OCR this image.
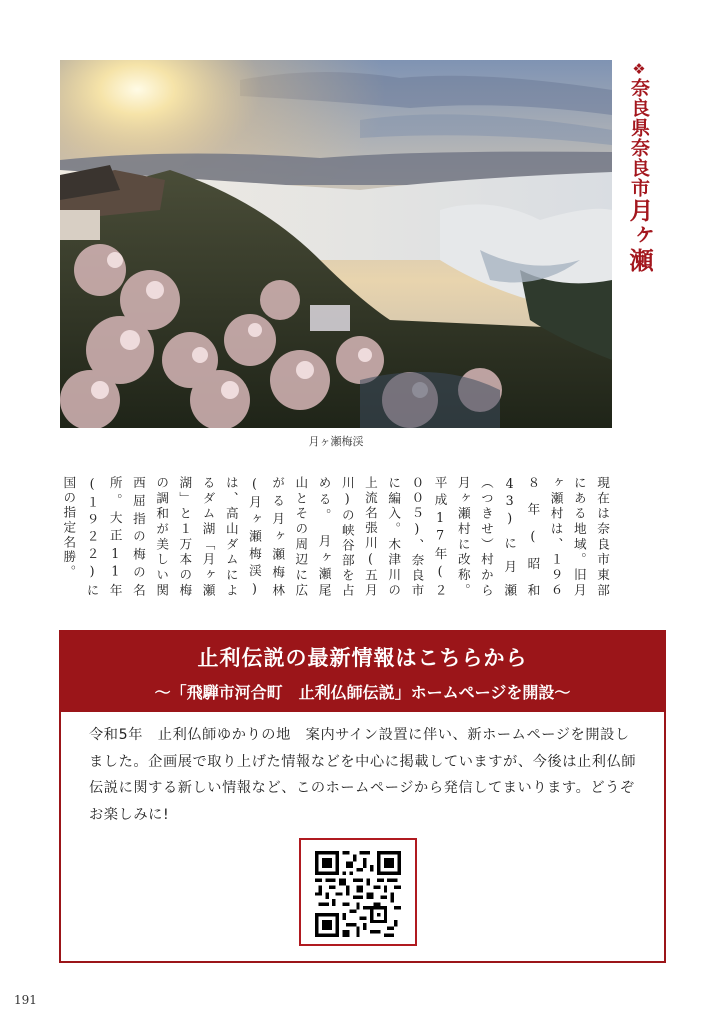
月ヶ瀬梅渓
❖奈良県奈良市月ヶ瀬
現在は奈良市東部にある地域。旧月ヶ瀬村は、１９６８年(昭和43)に月瀬（つきせ）村から月ヶ瀬村に改称。平成17年(２００５)、奈良市に編入。木津川の上流名張川(五月川)の峡谷部を占める。　月ヶ瀬尾山とその周辺に広がる月ヶ瀬梅林(月ヶ瀬梅渓)は、高山ダムによるダム湖「月ヶ瀬湖」と１万本の梅の調和が美しい関西屈指の梅の名所。大正11年(１９２２)に国の指定名勝。
止利伝説の最新情報はこちらから
〜「飛騨市河合町　止利仏師伝説」ホームページを開設〜
令和5年　止利仏師ゆかりの地　案内サイン設置に伴い、新ホームページを開設しました。企画展で取り上げた情報などを中心に掲載していますが、今後は止利仏師伝説に関する新しい情報など、このホームページから発信してまいります。どうぞお楽しみに!
191
